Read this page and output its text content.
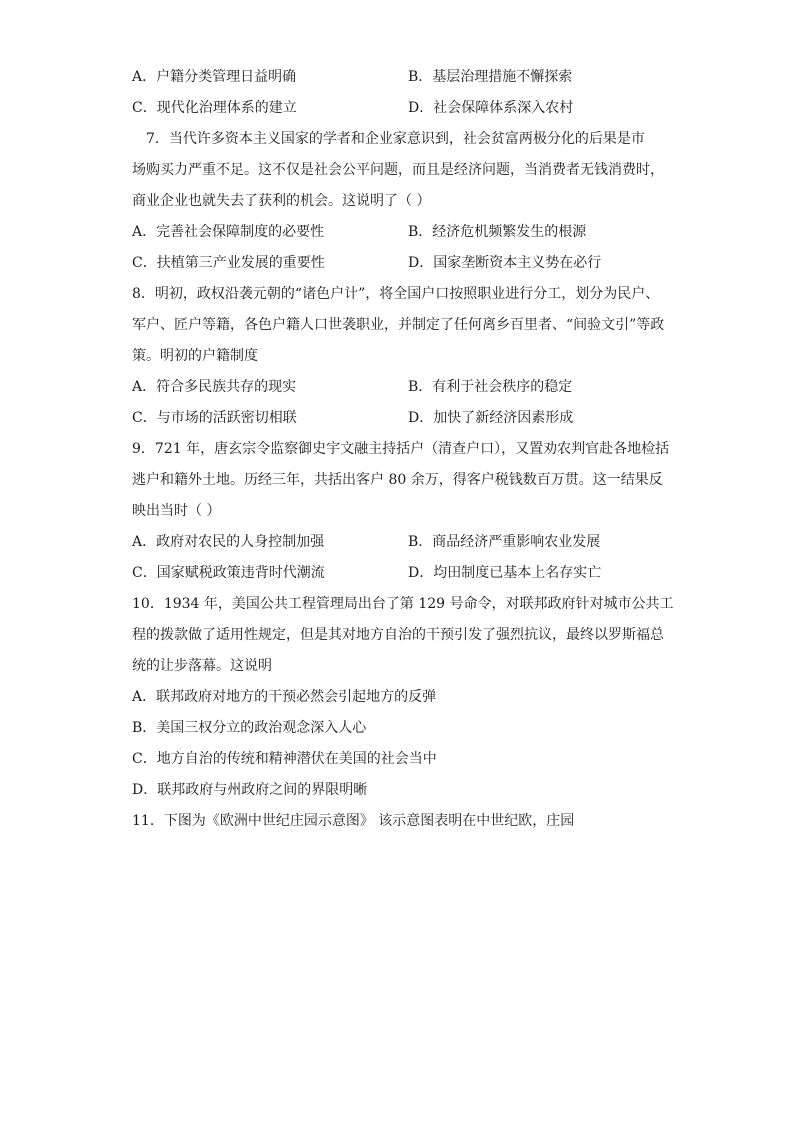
A．户籍分类管理日益明确	B．基层治理措施不懈探索
C．现代化治理体系的建立	D．社会保障体系深入农村
7．当代许多资本主义国家的学者和企业家意识到，社会贫富两极分化的后果是市
场购买力严重不足。这不仅是社会公平问题，而且是经济问题，当消费者无钱消费时，
商业企业也就失去了获利的机会。这说明了（ ）
A．完善社会保障制度的必要性	B．经济危机频繁发生的根源
C．扶植第三产业发展的重要性	D．国家垄断资本主义势在必行
8．明初，政权沿袭元朝的“诸色户计”，将全国户口按照职业进行分工，划分为民户、
军户、匠户等籍，各色户籍人口世袭职业，并制定了任何离乡百里者、“间验文引”等政
策。明初的户籍制度
A．符合多民族共存的现实	B．有利于社会秩序的稳定
C．与市场的活跃密切相联	D．加快了新经济因素形成
9．721 年，唐玄宗令监察御史宇文融主持括户（清查户口），又置劝农判官赴各地检括
逃户和籍外土地。历经三年，共括出客户 80 余万，得客户税钱数百万贯。这一结果反
映出当时（ ）
A．政府对农民的人身控制加强	B．商品经济严重影响农业发展
C．国家赋税政策违背时代潮流	D．均田制度已基本上名存实亡
10．1934 年，美国公共工程管理局出台了第 129 号命令，对联邦政府针对城市公共工
程的拨款做了适用性规定，但是其对地方自治的干预引发了强烈抗议，最终以罗斯福总
统的让步落幕。这说明
A．联邦政府对地方的干预必然会引起地方的反弹
B．美国三权分立的政治观念深入人心
C．地方自治的传统和精神潜伏在美国的社会当中
D．联邦政府与州政府之间的界限明晰
11．下图为《欧洲中世纪庄园示意图》 该示意图表明在中世纪欧，庄园
